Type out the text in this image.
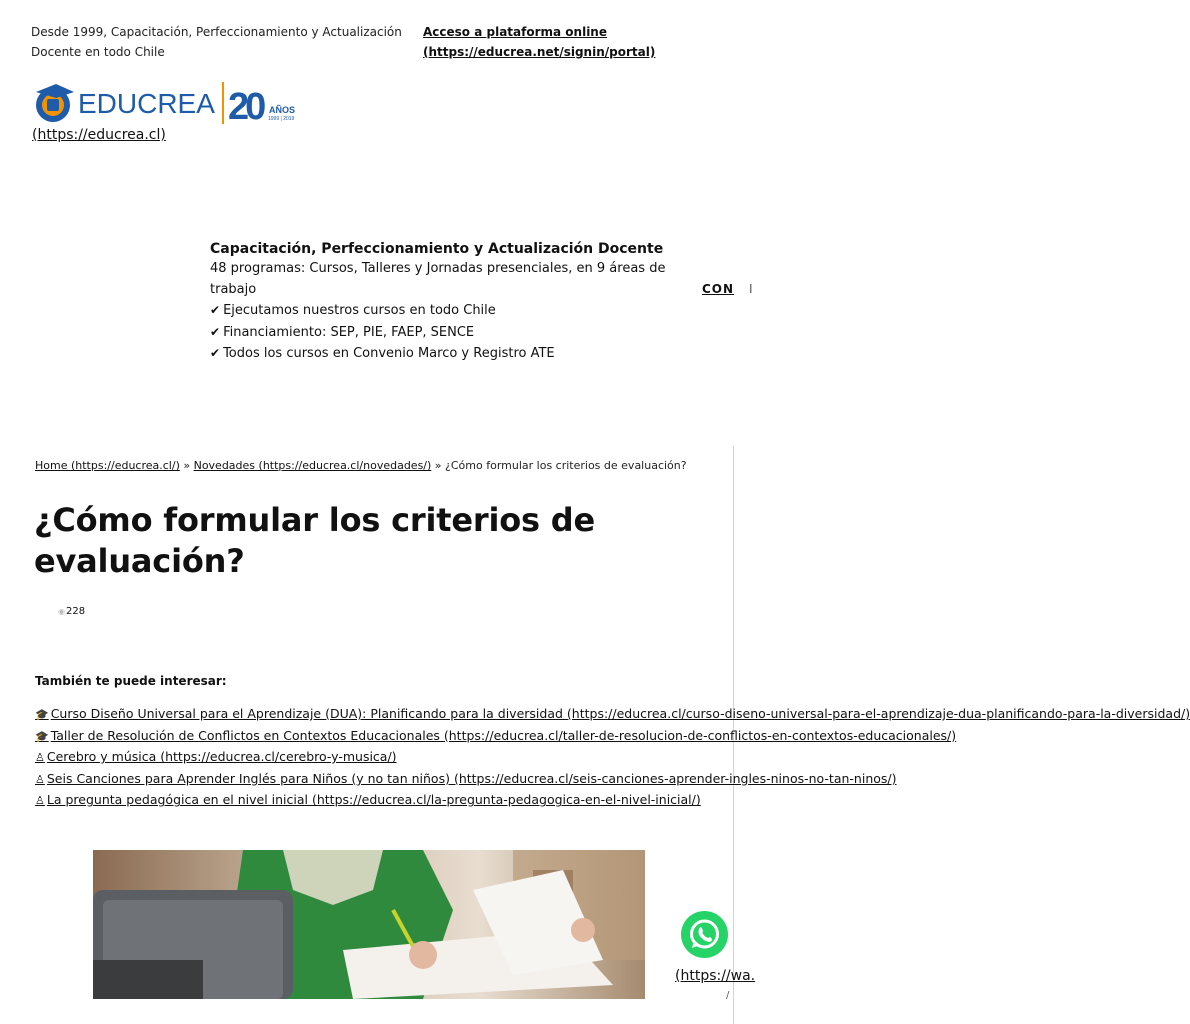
Desde 1999, Capacitación, Perfeccionamiento y Actualización Docente en todo Chile
Acceso a plataforma online
(https://educrea.net/signin/portal)
EDUCREA 20 AÑOS
1999 | 2019
(https://educrea.cl)
Capacitación, Perfeccionamiento y Actualización Docente
48 programas: Cursos, Talleres y Jornadas presenciales, en 9 áreas de trabajo
✔ Ejecutamos nuestros cursos en todo Chile
✔ Financiamiento: SEP, PIE, FAEP, SENCE
✔ Todos los cursos en Convenio Marco y Registro ATE
CON I
Home (https://educrea.cl/) » Novedades (https://educrea.cl/novedades/) » ¿Cómo formular los criterios de evaluación?
¿Cómo formular los criterios de evaluación?
◉228
También te puede interesar:
🎓 Curso Diseño Universal para el Aprendizaje (DUA): Planificando para la diversidad (https://educrea.cl/curso-diseno-universal-para-el-aprendizaje-dua-planificando-para-la-diversidad/)
🎓 Taller de Resolución de Conflictos en Contextos Educacionales (https://educrea.cl/taller-de-resolucion-de-conflictos-en-contextos-educacionales/)
♙ Cerebro y música (https://educrea.cl/cerebro-y-musica/)
♙ Seis Canciones para Aprender Inglés para Niños (y no tan niños) (https://educrea.cl/seis-canciones-aprender-ingles-ninos-no-tan-ninos/)
♙ La pregunta pedagógica en el nivel inicial (https://educrea.cl/la-pregunta-pedagogica-en-el-nivel-inicial/)
(https://wa.
/
